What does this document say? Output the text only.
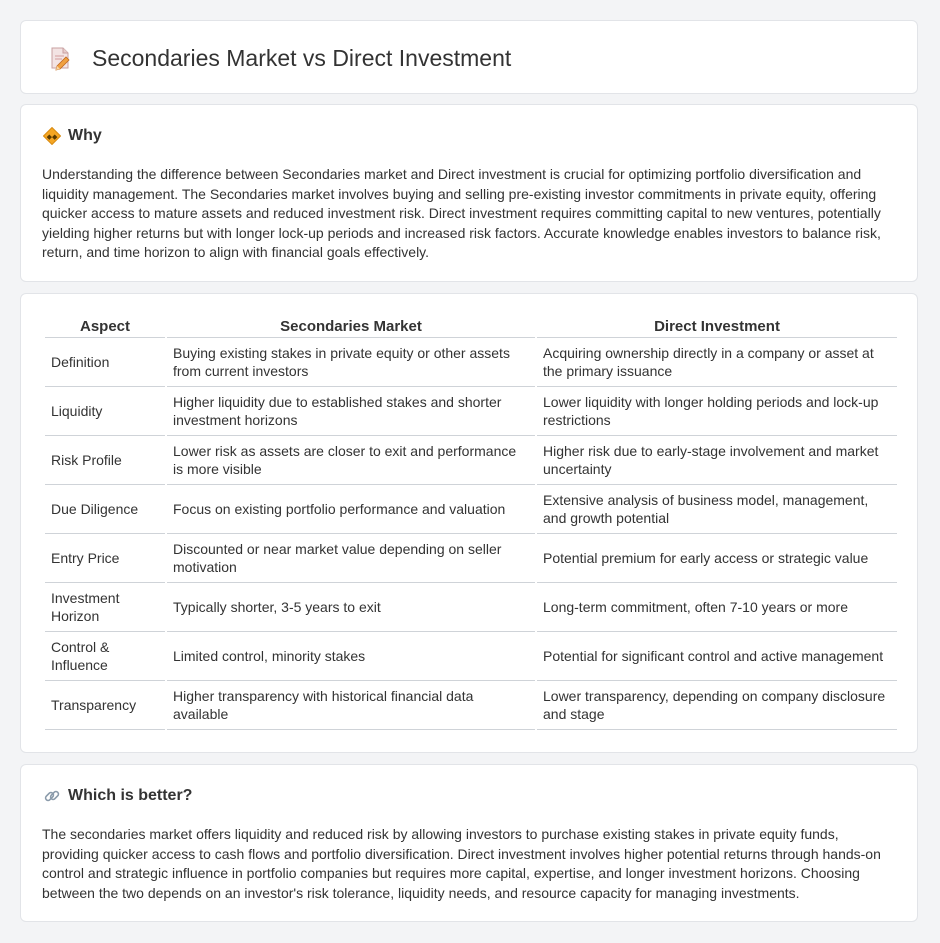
Secondaries Market vs Direct Investment
◆◆ Why

Understanding the difference between Secondaries market and Direct investment is crucial for optimizing portfolio diversification and liquidity management. The Secondaries market involves buying and selling pre-existing investor commitments in private equity, offering quicker access to mature assets and reduced investment risk. Direct investment requires committing capital to new ventures, potentially yielding higher returns but with longer lock-up periods and increased risk factors. Accurate knowledge enables investors to balance risk, return, and time horizon to align with financial goals effectively.

Aspect	Secondaries Market	Direct Investment
Definition	Buying existing stakes in private equity or other assets from current investors	Acquiring ownership directly in a company or asset at the primary issuance
Liquidity	Higher liquidity due to established stakes and shorter investment horizons	Lower liquidity with longer holding periods and lock-up restrictions
Risk Profile	Lower risk as assets are closer to exit and performance is more visible	Higher risk due to early-stage involvement and market uncertainty
Due Diligence	Focus on existing portfolio performance and valuation	Extensive analysis of business model, management, and growth potential
Entry Price	Discounted or near market value depending on seller motivation	Potential premium for early access or strategic value
Investment Horizon	Typically shorter, 3-5 years to exit	Long-term commitment, often 7-10 years or more
Control & Influence	Limited control, minority stakes	Potential for significant control and active management
Transparency	Higher transparency with historical financial data available	Lower transparency, depending on company disclosure and stage
Which is better?

The secondaries market offers liquidity and reduced risk by allowing investors to purchase existing stakes in private equity funds, providing quicker access to cash flows and portfolio diversification. Direct investment involves higher potential returns through hands-on control and strategic influence in portfolio companies but requires more capital, expertise, and longer investment horizons. Choosing between the two depends on an investor's risk tolerance, liquidity needs, and resource capacity for managing investments.
